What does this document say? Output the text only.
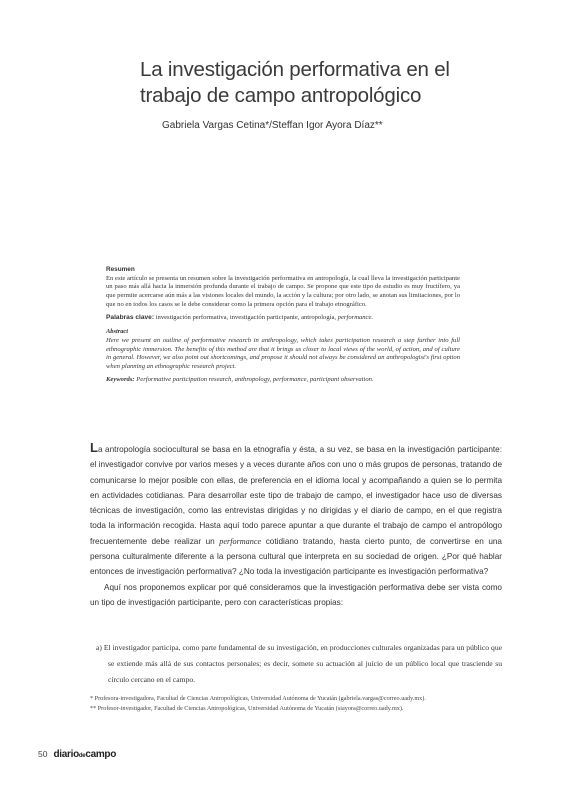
La investigación performativa en el trabajo de campo antropológico
Gabriela Vargas Cetina*/Steffan Igor Ayora Díaz**
Resumen

En este artículo se presenta un resumen sobre la investigación performativa en antropología, la cual lleva la investigación participante un paso más allá hacia la inmersión profunda durante el trabajo de campo. Se propone que este tipo de estudio es muy fructífero, ya que permite acercarse aún más a las visiones locales del mundo, la acción y la cultura; por otro lado, se anotan sus limitaciones, por lo que no en todos los casos se le debe considerar como la primera opción para el trabajo etnográfico.

Palabras clave: investigación performativa, investigación participante, antropología, performance.

Abstract

Here we present an outline of performative research in anthropology, which takes participation research a step further into full ethnographic immersion. The benefits of this method are that it brings us closer to local views of the world, of action, and of culture in general. However, we also point out shortcomings, and propose it should not always be considered an anthropologist's first option when planning an ethnographic research project.

Keywords: Performative participation research, anthropology, performance, participant observation.

La antropología sociocultural se basa en la etnografía y ésta, a su vez, se basa en la investigación participante: el investigador convive por varios meses y a veces durante años con uno o más grupos de personas, tratando de comunicarse lo mejor posible con ellas, de preferencia en el idioma local y acompañando a quien se lo permita en actividades cotidianas. Para desarrollar este tipo de trabajo de campo, el investigador hace uso de diversas técnicas de investigación, como las entrevistas dirigidas y no dirigidas y el diario de campo, en el que registra toda la información recogida. Hasta aquí todo parece apuntar a que durante el trabajo de campo el antropólogo frecuentemente debe realizar un performance cotidiano tratando, hasta cierto punto, de convertirse en una persona culturalmente diferente a la persona cultural que interpreta en su sociedad de origen. ¿Por qué hablar entonces de investigación performativa? ¿No toda la investigación participante es investigación performativa?

Aquí nos proponemos explicar por qué consideramos que la investigación performativa debe ser vista como un tipo de investigación participante, pero con características propias:

a) El investigador participa, como parte fundamental de su investigación, en producciones culturales organizadas para un público que se extiende más allá de sus contactos personales; es decir, somete su actuación al juicio de un público local que trasciende su círculo cercano en el campo.

* Profesora-investigadora, Facultad de Ciencias Antropológicas, Universidad Autónoma de Yucatán (gabriela.vargas@correo.uady.mx).

** Profesor-investigador, Facultad de Ciencias Antropológicas, Universidad Autónoma de Yucatán (siayora@correo.uady.mx).

50 diariodecampo
